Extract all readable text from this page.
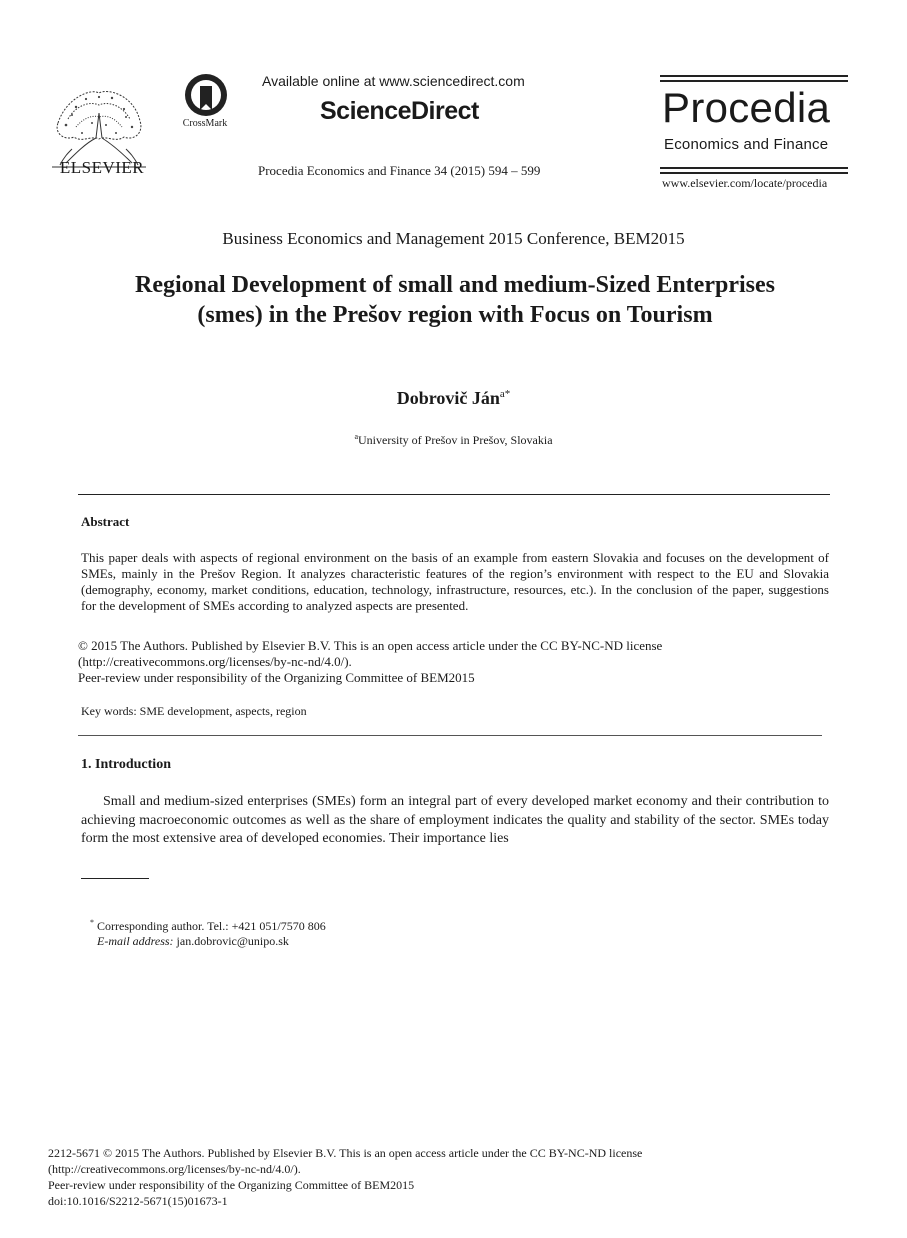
ELSEVIER
CrossMark
Available online at www.sciencedirect.com
ScienceDirect
Procedia Economics and Finance 34 (2015) 594 – 599
Procedia
Economics and Finance
www.elsevier.com/locate/procedia
Business Economics and Management 2015 Conference, BEM2015
Regional Development of small and medium-Sized Enterprises
(smes) in the Prešov region with Focus on Tourism
Dobrovič Ján$^{a*}$
$^a$University of Prešov in Prešov, Slovakia
Abstract
This paper deals with aspects of regional environment on the basis of an example from eastern Slovakia and focuses on the development of SMEs, mainly in the Prešov Region. It analyzes characteristic features of the region’s environment with respect to the EU and Slovakia (demography, economy, market conditions, education, technology, infrastructure, resources, etc.). In the conclusion of the paper, suggestions for the development of SMEs according to analyzed aspects are presented.
© 2015 The Authors. Published by Elsevier B.V. This is an open access article under the CC BY-NC-ND license
(http://creativecommons.org/licenses/by-nc-nd/4.0/).
Peer-review under responsibility of the Organizing Committee of BEM2015
Key words: SME development, aspects, region
1. Introduction
Small and medium-sized enterprises (SMEs) form an integral part of every developed market economy and their contribution to achieving macroeconomic outcomes as well as the share of employment indicates the quality and stability of the sector. SMEs today form the most extensive area of developed economies. Their importance lies
* Corresponding author. Tel.: +421 051/7570 806
E-mail address: jan.dobrovic@unipo.sk
2212-5671 © 2015 The Authors. Published by Elsevier B.V. This is an open access article under the CC BY-NC-ND license
(http://creativecommons.org/licenses/by-nc-nd/4.0/).
Peer-review under responsibility of the Organizing Committee of BEM2015
doi:10.1016/S2212-5671(15)01673-1
